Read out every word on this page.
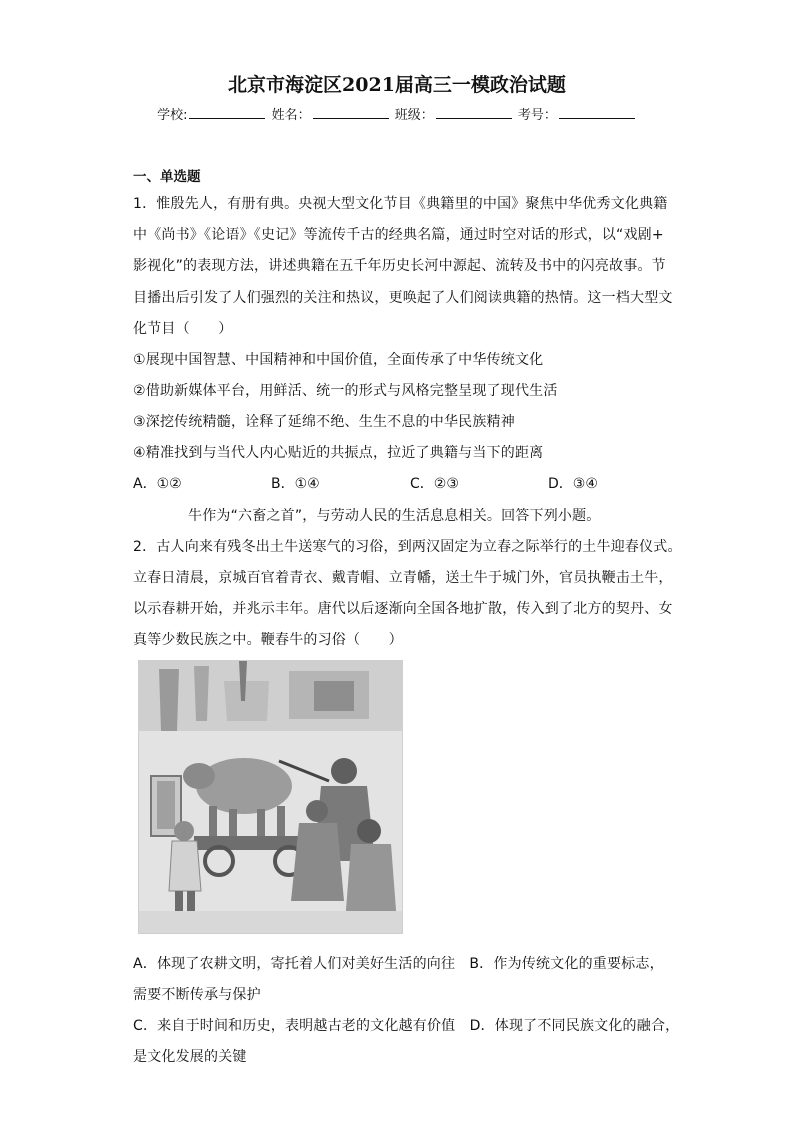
北京市海淀区2021届高三一模政治试题
学校:	姓名：	班级：	考号：
一、单选题
1．惟殷先人，有册有典。央视大型文化节目《典籍里的中国》聚焦中华优秀文化典籍
中《尚书》《论语》《史记》等流传千古的经典名篇，通过时空对话的形式，以“戏剧+
影视化”的表现方法，讲述典籍在五千年历史长河中源起、流转及书中的闪亮故事。节
目播出后引发了人们强烈的关注和热议，更唤起了人们阅读典籍的热情。这一档大型文
化节目（　　）
①展现中国智慧、中国精神和中国价值，全面传承了中华传统文化
②借助新媒体平台，用鲜活、统一的形式与风格完整呈现了现代生活
③深挖传统精髓，诠释了延绵不绝、生生不息的中华民族精神
④精准找到与当代人内心贴近的共振点，拉近了典籍与当下的距离
A．①②	B．①④	C．②③	D．③④
牛作为“六畜之首”，与劳动人民的生活息息相关。回答下列小题。
2．古人向来有残冬出土牛送寒气的习俗，到两汉固定为立春之际举行的土牛迎春仪式。
立春日清晨，京城百官着青衣、戴青帽、立青幡，送土牛于城门外，官员执鞭击土牛，
以示春耕开始，并兆示丰年。唐代以后逐渐向全国各地扩散，传入到了北方的契丹、女
真等少数民族之中。鞭春牛的习俗（　　）
A．体现了农耕文明，寄托着人们对美好生活的向往　B．作为传统文化的重要标志，
需要不断传承与保护
C．来自于时间和历史，表明越古老的文化越有价值　D．体现了不同民族文化的融合，
是文化发展的关键
